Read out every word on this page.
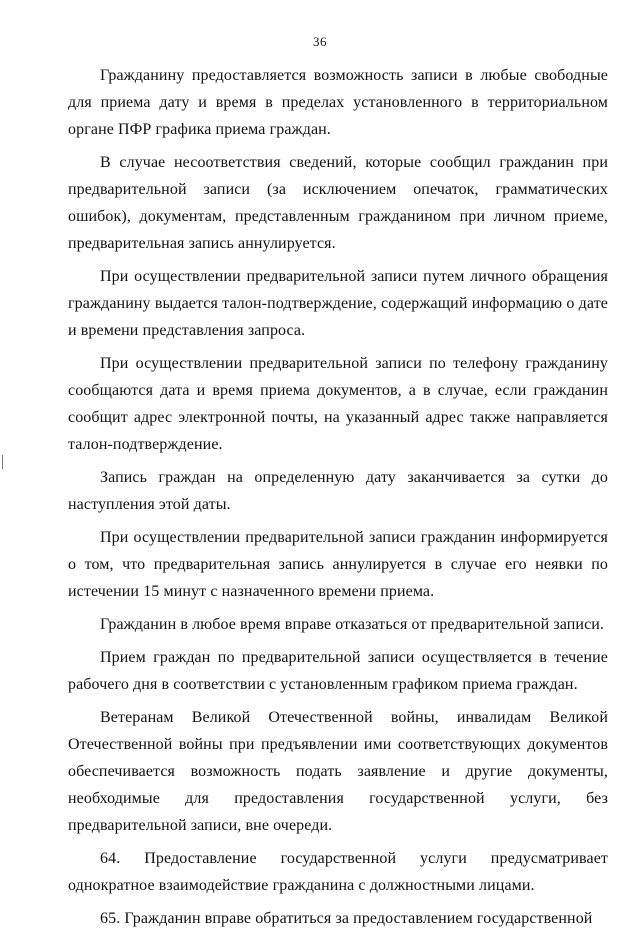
36

Гражданину предоставляется возможность записи в любые свободные для приема дату и время в пределах установленного в территориальном органе ПФР графика приема граждан.

В случае несоответствия сведений, которые сообщил гражданин при предварительной записи (за исключением опечаток, грамматических ошибок), документам, представленным гражданином при личном приеме, предварительная запись аннулируется.

При осуществлении предварительной записи путем личного обращения гражданину выдается талон-подтверждение, содержащий информацию о дате и времени представления запроса.

При осуществлении предварительной записи по телефону гражданину сообщаются дата и время приема документов, а в случае, если гражданин сообщит адрес электронной почты, на указанный адрес также направляется талон-подтверждение.

Запись граждан на определенную дату заканчивается за сутки до наступления этой даты.

При осуществлении предварительной записи гражданин информируется о том, что предварительная запись аннулируется в случае его неявки по истечении 15 минут с назначенного времени приема.

Гражданин в любое время вправе отказаться от предварительной записи.

Прием граждан по предварительной записи осуществляется в течение рабочего дня в соответствии с установленным графиком приема граждан.

Ветеранам Великой Отечественной войны, инвалидам Великой Отечественной войны при предъявлении ими соответствующих документов обеспечивается возможность подать заявление и другие документы, необходимые для предоставления государственной услуги, без предварительной записи, вне очереди.

64. Предоставление государственной услуги предусматривает однократное взаимодействие гражданина с должностными лицами.

65. Гражданин вправе обратиться за предоставлением государственной
